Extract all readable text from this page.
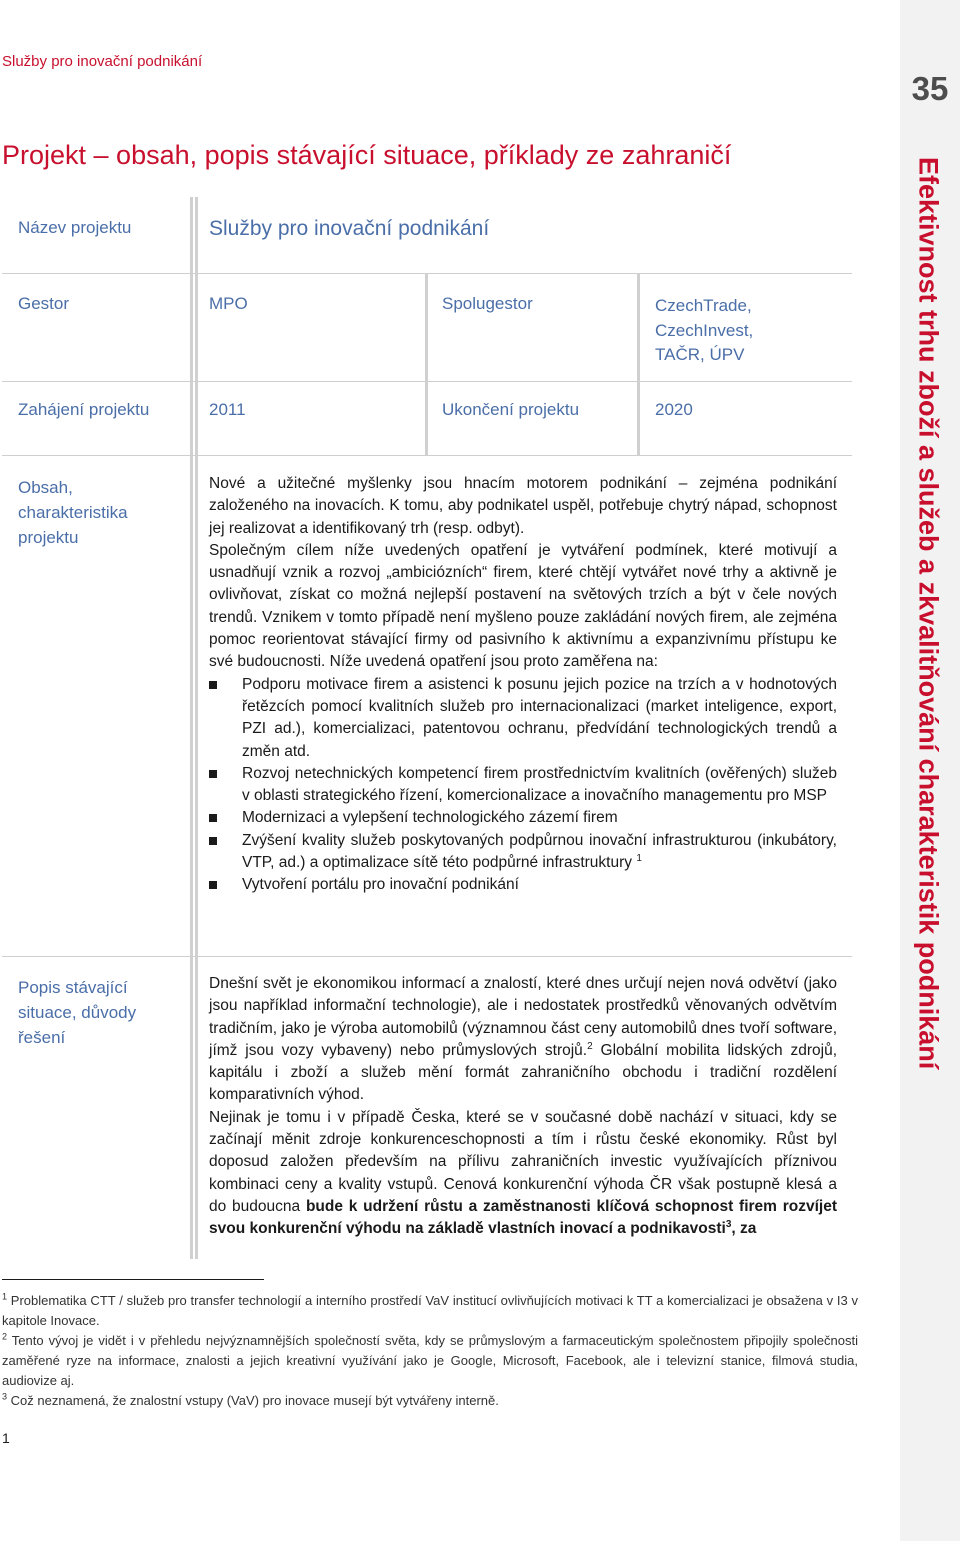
35
Efektivnost trhu zboží a služeb a zkvalitňování charakteristik podnikání
Služby pro inovační podnikání
Projekt – obsah, popis stávající situace, příklady ze zahraničí
Název projektu	Služby pro inovační podnikání
Gestor	MPO	Spolugestor	CzechTrade,
CzechInvest,
TAČR, ÚPV
Zahájení projektu	2011	Ukončení projektu	2020
Obsah,
charakteristika
projektu

Nové a užitečné myšlenky jsou hnacím motorem podnikání – zejména podnikání založeného na inovacích. K tomu, aby podnikatel uspěl, potřebuje chytrý nápad, schopnost jej realizovat a identifikovaný trh (resp. odbyt).

Společným cílem níže uvedených opatření je vytváření podmínek, které motivují a usnadňují vznik a rozvoj „ambiciózních“ firem, které chtějí vytvářet nové trhy a aktivně je ovlivňovat, získat co možná nejlepší postavení na světových trzích a být v čele nových trendů. Vznikem v tomto případě není myšleno pouze zakládání nových firem, ale zejména pomoc reorientovat stávající firmy od pasivního k aktivnímu a expanzivnímu přístupu ke své budoucnosti. Níže uvedená opatření jsou proto zaměřena na:

Podporu motivace firem a asistenci k posunu jejich pozice na trzích a v hodnotových řetězcích pomocí kvalitních služeb pro internacionalizaci (market inteligence, export, PZI ad.), komercializaci, patentovou ochranu, předvídání technologických trendů a změn atd.
Rozvoj netechnických kompetencí firem prostřednictvím kvalitních (ověřených) služeb v oblasti strategického řízení, komercionalizace a inovačního managementu pro MSP
Modernizaci a vylepšení technologického zázemí firem
Zvýšení kvality služeb poskytovaných podpůrnou inovační infrastrukturou (inkubátory, VTP, ad.) a optimalizace sítě této podpůrné infrastruktury $^1$
Vytvoření portálu pro inovační podnikání
Popis stávající
situace, důvody
řešení

Dnešní svět je ekonomikou informací a znalostí, které dnes určují nejen nová odvětví (jako jsou například informační technologie), ale i nedostatek prostředků věnovaných odvětvím tradičním, jako je výroba automobilů (významnou část ceny automobilů dnes tvoří software, jímž jsou vozy vybaveny) nebo průmyslových strojů.$^2$ Globální mobilita lidských zdrojů, kapitálu i zboží a služeb mění formát zahraničního obchodu i tradiční rozdělení komparativních výhod.

Nejinak je tomu i v případě Česka, které se v současné době nachází v situaci, kdy se začínají měnit zdroje konkurenceschopnosti a tím i růstu české ekonomiky. Růst byl doposud založen především na přílivu zahraničních investic využívajících příznivou kombinaci ceny a kvality vstupů. Cenová konkurenční výhoda ČR však postupně klesá a do budoucna bude k udržení růstu a zaměstnanosti klíčová schopnost firem rozvíjet svou konkurenční výhodu na základě vlastních inovací a podnikavosti$^3$, za

$^1$ Problematika CTT / služeb pro transfer technologií a interního prostředí VaV institucí ovlivňujících motivaci k TT a komercializaci je obsažena v I3 v kapitole Inovace.

$^2$ Tento vývoj je vidět i v přehledu nejvýznamnějších společností světa, kdy se průmyslovým a farmaceutickým společnostem připojily společnosti zaměřené ryze na informace, znalosti a jejich kreativní využívání jako je Google, Microsoft, Facebook, ale i televizní stanice, filmová studia, audiovize aj.

$^3$ Což neznamená, že znalostní vstupy (VaV) pro inovace musejí být vytvářeny interně.

1
